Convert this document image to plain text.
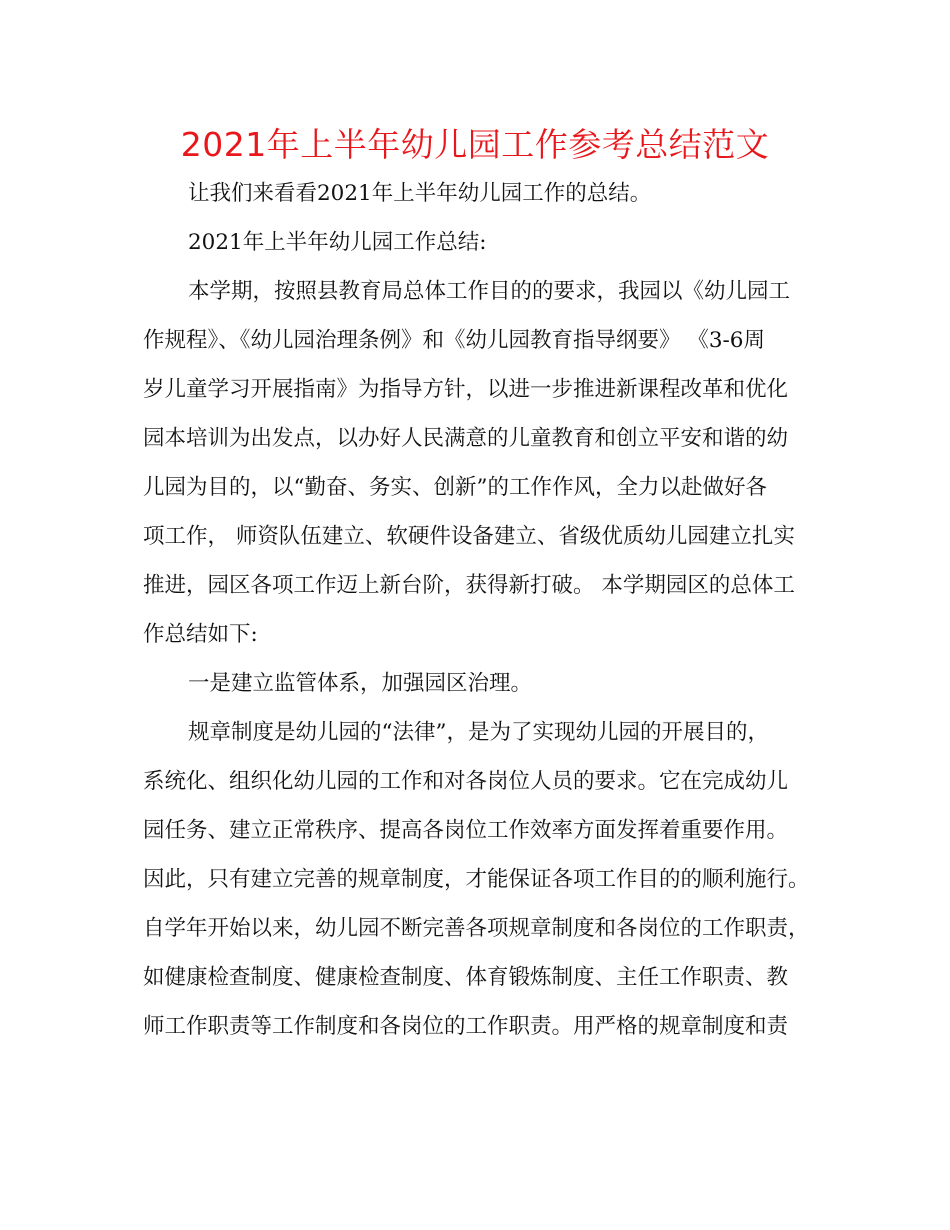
2021年上半年幼儿园工作参考总结范文
让我们来看看2021年上半年幼儿园工作的总结。
2021年上半年幼儿园工作总结:
本学期，按照县教育局总体工作目的的要求，我园以《幼儿园工
作规程》、《幼儿园治理条例》和《幼儿园教育指导纲要》 《3-6周
岁儿童学习开展指南》为指导方针，以进一步推进新课程改革和优化
园本培训为出发点，以办好人民满意的儿童教育和创立平安和谐的幼
儿园为目的，以“勤奋、务实、创新”的工作作风，全力以赴做好各
项工作， 师资队伍建立、软硬件设备建立、省级优质幼儿园建立扎实
推进，园区各项工作迈上新台阶，获得新打破。 本学期园区的总体工
作总结如下:
一是建立监管体系，加强园区治理。
规章制度是幼儿园的“法律”，是为了实现幼儿园的开展目的，
系统化、组织化幼儿园的工作和对各岗位人员的要求。它在完成幼儿
园任务、建立正常秩序、提高各岗位工作效率方面发挥着重要作用。
因此，只有建立完善的规章制度，才能保证各项工作目的的顺利施行。
自学年开始以来，幼儿园不断完善各项规章制度和各岗位的工作职责，
如健康检查制度、健康检查制度、体育锻炼制度、主任工作职责、教
师工作职责等工作制度和各岗位的工作职责。用严格的规章制度和责
